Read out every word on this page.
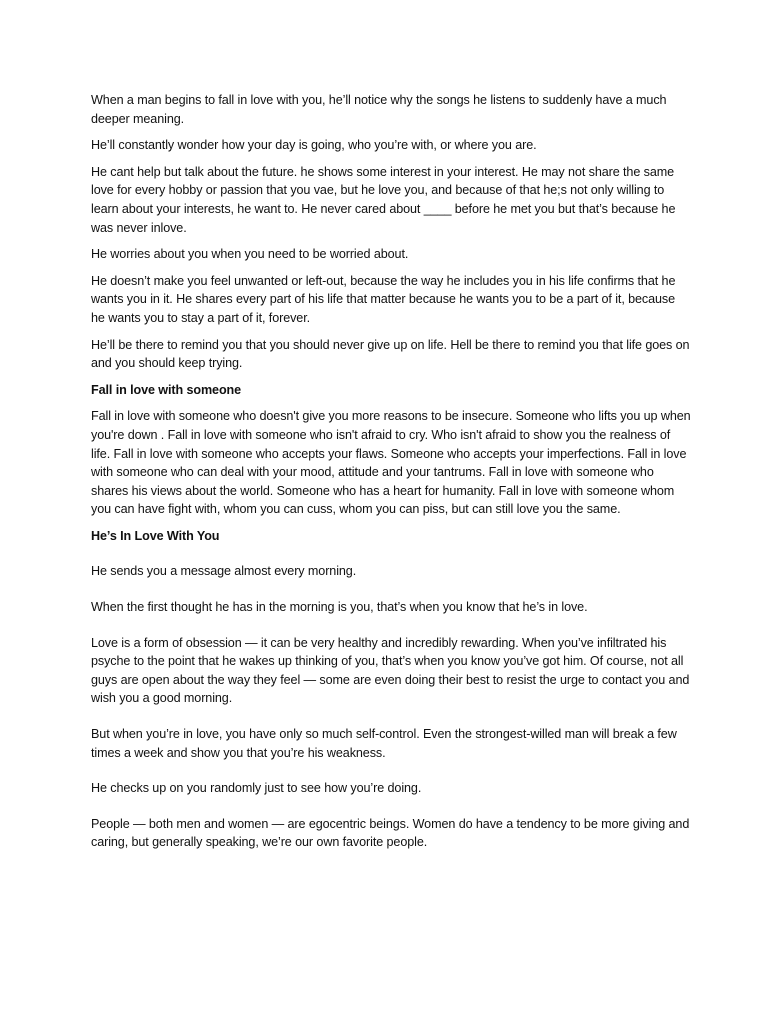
When a man begins to fall in love with you, he’ll notice why the songs he listens to suddenly have a much deeper meaning.

He’ll constantly wonder how your day is going, who you’re with, or where you are.

He cant help but talk about the future. he shows some interest in your interest. He may not share the same love for every hobby or passion that you vae, but he love you, and because of that he;s not only willing to learn about your interests, he want to. He never cared about ____ before he met you but that’s because he was never inlove.

He worries about you when you need to be worried about.

He doesn’t make you feel unwanted or left-out, because the way he includes you in his life confirms that he wants you in it. He shares every part of his life that matter because he wants you to be a part of it, because he wants you to stay a part of it, forever.

He’ll be there to remind you that you should never give up on life. Hell be there to remind you that life goes on and you should keep trying.

Fall in love with someone

Fall in love with someone who doesn't give you more reasons to be insecure. Someone who lifts you up when you're down . Fall in love with someone who isn't afraid to cry. Who isn't afraid to show you the realness of life. Fall in love with someone who accepts your flaws. Someone who accepts your imperfections. Fall in love with someone who can deal with your mood, attitude and your tantrums. Fall in love with someone who shares his views about the world. Someone who has a heart for humanity. Fall in love with someone whom you can have fight with, whom you can cuss, whom you can piss, but can still love you the same.

He’s In Love With You

He sends you a message almost every morning.

When the first thought he has in the morning is you, that’s when you know that he’s in love.

Love is a form of obsession — it can be very healthy and incredibly rewarding. When you’ve infiltrated his psyche to the point that he wakes up thinking of you, that’s when you know you’ve got him. Of course, not all guys are open about the way they feel — some are even doing their best to resist the urge to contact you and wish you a good morning.

But when you’re in love, you have only so much self-control. Even the strongest-willed man will break a few times a week and show you that you’re his weakness.

He checks up on you randomly just to see how you’re doing.

People — both men and women — are egocentric beings. Women do have a tendency to be more giving and caring, but generally speaking, we’re our own favorite people.
